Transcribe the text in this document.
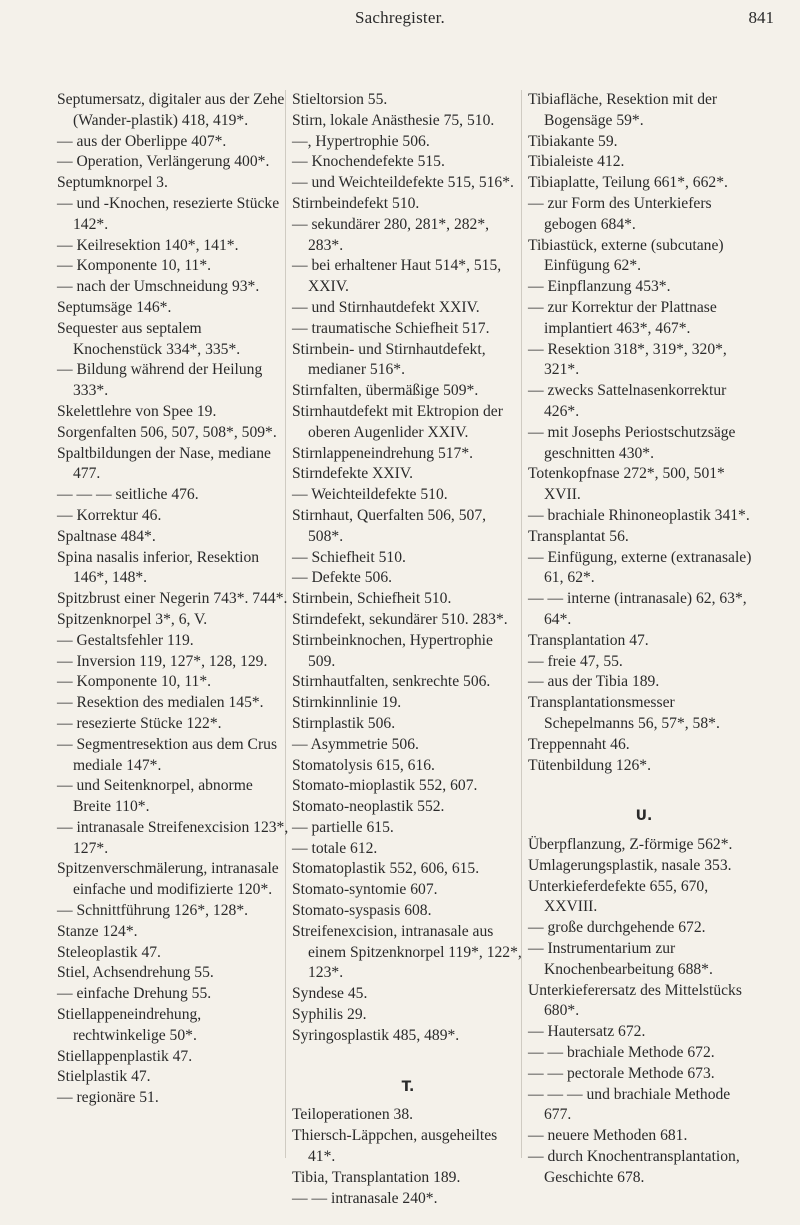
Sachregister.	841
Septumersatz, digitaler aus der Zehe (Wander-plastik) 418, 419*.
— aus der Oberlippe 407*.
— Operation, Verlängerung 400*.
Septumknorpel 3.
— und -Knochen, resezierte Stücke 142*.
— Keilresektion 140*, 141*.
— Komponente 10, 11*.
— nach der Umschneidung 93*.
Septumsäge 146*.
Sequester aus septalem Knochenstück 334*, 335*.
— Bildung während der Heilung 333*.
Skelettlehre von Spee 19.
Sorgenfalten 506, 507, 508*, 509*.
Spaltbildungen der Nase, mediane 477.
— — — seitliche 476.
— Korrektur 46.
Spaltnase 484*.
Spina nasalis inferior, Resektion 146*, 148*.
Spitzbrust einer Negerin 743*. 744*.
Spitzenknorpel 3*, 6, V.
— Gestaltsfehler 119.
— Inversion 119, 127*, 128, 129.
— Komponente 10, 11*.
— Resektion des medialen 145*.
— resezierte Stücke 122*.
— Segmentresektion aus dem Crus mediale 147*.
— und Seitenknorpel, abnorme Breite 110*.
— intranasale Streifenexcision 123*, 127*.
Spitzenverschmälerung, intranasale einfache und modifizierte 120*.
— Schnittführung 126*, 128*.
Stanze 124*.
Steleoplastik 47.
Stiel, Achsendrehung 55.
— einfache Drehung 55.
Stiellappeneindrehung, rechtwinkelige 50*.
Stiellappenplastik 47.
Stielplastik 47.
— regionäre 51.
Stieltorsion 55.
Stirn, lokale Anästhesie 75, 510.
—, Hypertrophie 506.
— Knochendefekte 515.
— und Weichteildefekte 515, 516*.
Stirnbeindefekt 510.
— sekundärer 280, 281*, 282*, 283*.
— bei erhaltener Haut 514*, 515, XXIV.
— und Stirnhautdefekt XXIV.
— traumatische Schiefheit 517.
Stirnbein- und Stirnhautdefekt, medianer 516*.
Stirnfalten, übermäßige 509*.
Stirnhautdefekt mit Ektropion der oberen Augenlider XXIV.
Stirnlappeneindrehung 517*.
Stirndefekte XXIV.
— Weichteildefekte 510.
Stirnhaut, Querfalten 506, 507, 508*.
— Schiefheit 510.
— Defekte 506.
Stirnbein, Schiefheit 510.
Stirndefekt, sekundärer 510. 283*.
Stirnbeinknochen, Hypertrophie 509.
Stirnhautfalten, senkrechte 506.
Stirnkinnlinie 19.
Stirnplastik 506.
— Asymmetrie 506.
Stomatolysis 615, 616.
Stomato-mioplastik 552, 607.
Stomato-neoplastik 552.
— partielle 615.
— totale 612.
Stomatoplastik 552, 606, 615.
Stomato-syntomie 607.
Stomato-syspasis 608.
Streifenexcision, intranasale aus einem Spitzenknorpel 119*, 122*, 123*.
Syndese 45.
Syphilis 29.
Syringosplastik 485, 489*.
T.
Teiloperationen 38.
Thiersch-Läppchen, ausgeheiltes 41*.
Tibia, Transplantation 189.
— — intranasale 240*.
Tibiafläche, Resektion mit der Bogensäge 59*.
Tibiakante 59.
Tibialeiste 412.
Tibiaplatte, Teilung 661*, 662*.
— zur Form des Unterkiefers gebogen 684*.
Tibiastück, externe (subcutane) Einfügung 62*.
— Einpflanzung 453*.
— zur Korrektur der Plattnase implantiert 463*, 467*.
— Resektion 318*, 319*, 320*, 321*.
— zwecks Sattelnasenkorrektur 426*.
— mit Josephs Periostschutzsäge geschnitten 430*.
Totenkopfnase 272*, 500, 501* XVII.
— brachiale Rhinoneoplastik 341*.
Transplantat 56.
— Einfügung, externe (extranasale) 61, 62*.
— — interne (intranasale) 62, 63*, 64*.
Transplantation 47.
— freie 47, 55.
— aus der Tibia 189.
Transplantationsmesser Schepelmanns 56, 57*, 58*.
Treppennaht 46.
Tütenbildung 126*.
U.
Überpflanzung, Z-förmige 562*.
Umlagerungsplastik, nasale 353.
Unterkieferdefekte 655, 670, XXVIII.
— große durchgehende 672.
— Instrumentarium zur Knochenbearbeitung 688*.
Unterkieferersatz des Mittelstücks 680*.
— Hautersatz 672.
— — brachiale Methode 672.
— — pectorale Methode 673.
— — — und brachiale Methode 677.
— neuere Methoden 681.
— durch Knochentransplantation, Geschichte 678.
